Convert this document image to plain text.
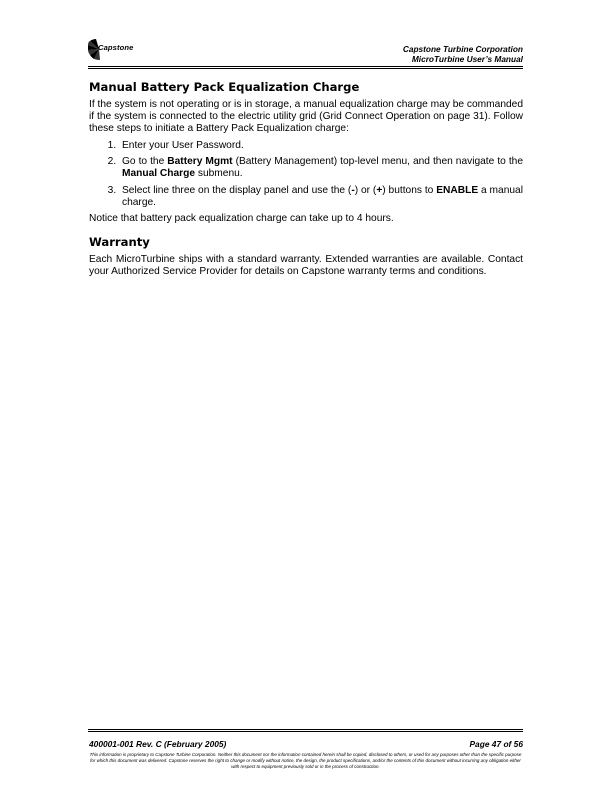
Capstone	Capstone Turbine Corporation
MicroTurbine User’s Manual
Manual Battery Pack Equalization Charge

If the system is not operating or is in storage, a manual equalization charge may be commanded if the system is connected to the electric utility grid (Grid Connect Operation on page 31). Follow these steps to initiate a Battery Pack Equalization charge:

1. Enter your User Password.
2. Go to the Battery Mgmt (Battery Management) top-level menu, and then navigate to the Manual Charge submenu.
3. Select line three on the display panel and use the (-) or (+) buttons to ENABLE a manual charge.

Notice that battery pack equalization charge can take up to 4 hours.

Warranty

Each MicroTurbine ships with a standard warranty. Extended warranties are available. Contact your Authorized Service Provider for details on Capstone warranty terms and conditions.

400001-001 Rev. C (February 2005)	Page 47 of 56
This information is proprietary to Capstone Turbine Corporation. Neither this document nor the information contained herein shall be copied, disclosed to others, or used for any purposes other than the specific purpose for which this document was delivered. Capstone reserves the right to change or modify without notice, the design, the product specifications, and/or the contents of this document without incurring any obligation either with respect to equipment previously sold or in the process of construction.
